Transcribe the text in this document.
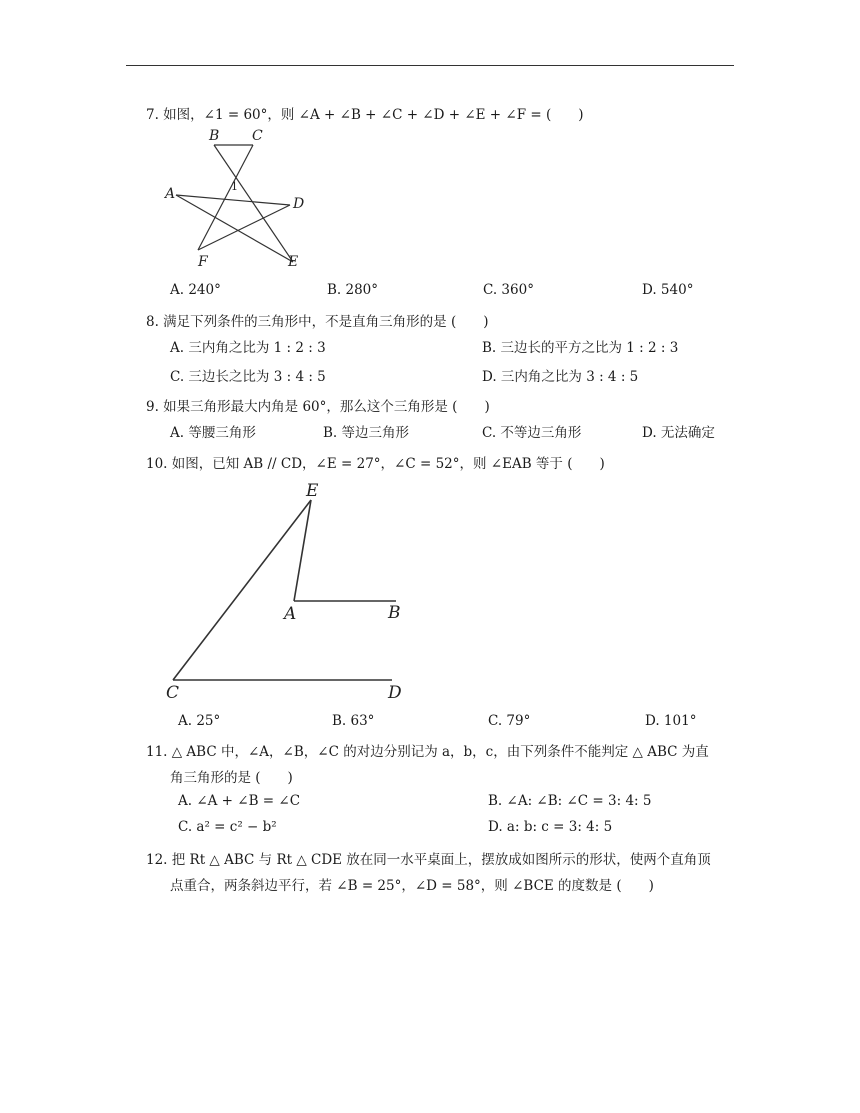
7. 如图，∠1 = 60°，则 ∠A + ∠B + ∠C + ∠D + ∠E + ∠F = (　　)
B C
A
D
F	E
1
A. 240°	B. 280°	C. 360°	D. 540°
8. 满足下列条件的三角形中，不是直角三角形的是 (　　)
A. 三内角之比为 1 : 2 : 3	B. 三边长的平方之比为 1 : 2 : 3
C. 三边长之比为 3 : 4 : 5	D. 三内角之比为 3 : 4 : 5
9. 如果三角形最大内角是 60°，那么这个三角形是 (　　)
A. 等腰三角形	B. 等边三角形	C. 不等边三角形	D. 无法确定
10. 如图，已知 AB // CD，∠E = 27°，∠C = 52°，则 ∠EAB 等于 (　　)
E
A	B
C	D
A. 25°	B. 63°	C. 79°	D. 101°
11. △ ABC 中，∠A，∠B，∠C 的对边分别记为 a，b，c，由下列条件不能判定 △ ABC 为直
角三角形的是 (　　)
A. ∠A + ∠B = ∠C	B. ∠A: ∠B: ∠C = 3: 4: 5
C. a² = c² − b²	D. a: b: c = 3: 4: 5
12. 把 Rt △ ABC 与 Rt △ CDE 放在同一水平桌面上，摆放成如图所示的形状，使两个直角顶
点重合，两条斜边平行，若 ∠B = 25°，∠D = 58°，则 ∠BCE 的度数是 (　　)
